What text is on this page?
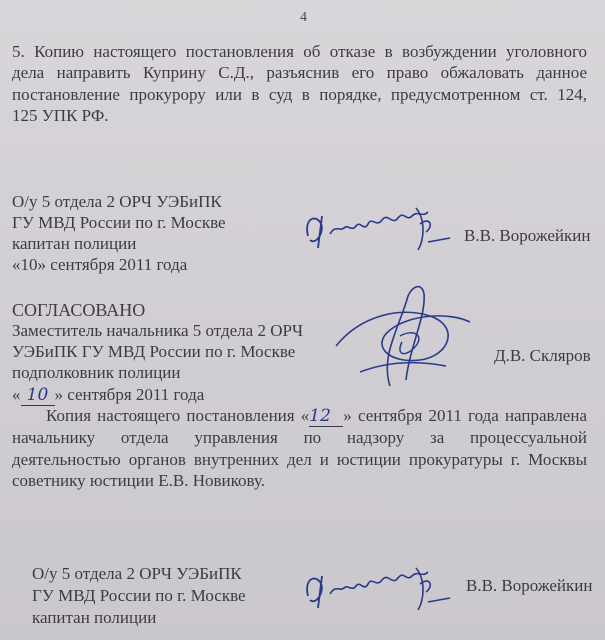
4
5. Копию настоящего постановления об отказе в возбуждении уголовного
дела направить Куприну С.Д., разъяснив его право обжаловать данное
постановление прокурору или в суд в порядке, предусмотренном ст. 124,
125 УПК РФ.
О/у 5 отдела 2 ОРЧ УЭБиПК
ГУ МВД России по г. Москве
капитан полиции
«10» сентября 2011 года
В.В. Ворожейкин
СОГЛАСОВАНО
Заместитель начальника 5 отдела 2 ОРЧ
УЭБиПК ГУ МВД России по г. Москве
подполковник полиции
« 10 » сентября 2011 года
Д.В. Скляров
Копия настоящего постановления «12 » сентября 2011 года направлена
начальнику отдела управления по надзору за процессуальной
деятельностью органов внутренних дел и юстиции прокуратуры г. Москвы
советнику юстиции Е.В. Новикову.
О/у 5 отдела 2 ОРЧ УЭБиПК
ГУ МВД России по г. Москве
капитан полиции
В.В. Ворожейкин
